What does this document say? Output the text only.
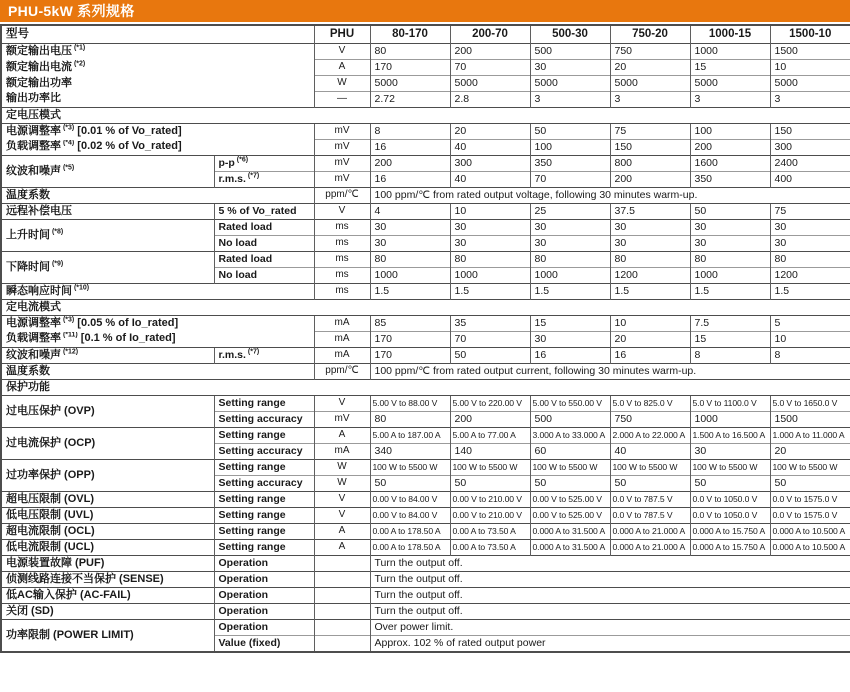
PHU-5kW 系列规格
型号		PHU	80-170	200-70	500-30	750-20	1000-15	1500-10
额定输出电压 $^{(*1)}$		V	80	200	500	750	1000	1500
额定输出电流 $^{(*2)}$		A	170	70	30	20	15	10
额定输出功率		W	5000	5000	5000	5000	5000	5000
输出功率比		—	2.72	2.8	3	3	3	3
定电压模式								
电源调整率 $^{(*3)}$ [0.01 % of Vo_rated]		mV	8	20	50	75	100	150
负载调整率 $^{(*4)}$ [0.02 % of Vo_rated]		mV	16	40	100	150	200	300
纹波和噪声 $^{(*5)}$	p-p $^{(*6)}$	mV	200	300	350	800	1600	2400
	r.m.s. $^{(*7)}$	mV	16	40	70	200	350	400
温度系数		ppm/℃	100 ppm/℃ from rated output voltage, following 30 minutes warm-up.					
远程补偿电压	5 % of Vo_rated	V	4	10	25	37.5	50	75
上升时间 $^{(*8)}$	Rated load	ms	30	30	30	30	30	30
	No load	ms	30	30	30	30	30	30
下降时间 $^{(*9)}$	Rated load	ms	80	80	80	80	80	80
	No load	ms	1000	1000	1000	1200	1000	1200
瞬态响应时间 $^{(*10)}$		ms	1.5	1.5	1.5	1.5	1.5	1.5
定电流模式								
电源调整率 $^{(*3)}$ [0.05 % of Io_rated]		mA	85	35	15	10	7.5	5
负载调整率 $^{(*11)}$ [0.1 % of Io_rated]		mA	170	70	30	20	15	10
纹波和噪声 $^{(*12)}$	r.m.s. $^{(*7)}$	mA	170	50	16	16	8	8
温度系数		ppm/℃	100 ppm/℃ from rated output current, following 30 minutes warm-up.					
保护功能								
过电压保护 (OVP)	Setting range	V	5.00 V to 88.00 V	5.00 V to 220.00 V	5.00 V to 550.00 V	5.0 V to 825.0 V	5.0 V to 1100.0 V	5.0 V to 1650.0 V
	Setting accuracy	mV	80	200	500	750	1000	1500
过电流保护 (OCP)	Setting range	A	5.00 A to 187.00 A	5.00 A to 77.00 A	3.000 A to 33.000 A	2.000 A to 22.000 A	1.500 A to 16.500 A	1.000 A to 11.000 A
	Setting accuracy	mA	340	140	60	40	30	20
过功率保护 (OPP)	Setting range	W	100 W to 5500 W	100 W to 5500 W	100 W to 5500 W	100 W to 5500 W	100 W to 5500 W	100 W to 5500 W
	Setting accuracy	W	50	50	50	50	50	50
超电压限制 (OVL)	Setting range	V	0.00 V to 84.00 V	0.00 V to 210.00 V	0.00 V to 525.00 V	0.0 V to 787.5 V	0.0 V to 1050.0 V	0.0 V to 1575.0 V
低电压限制 (UVL)	Setting range	V	0.00 V to 84.00 V	0.00 V to 210.00 V	0.00 V to 525.00 V	0.0 V to 787.5 V	0.0 V to 1050.0 V	0.0 V to 1575.0 V
超电流限制 (OCL)	Setting range	A	0.00 A to 178.50 A	0.00 A to 73.50 A	0.000 A to 31.500 A	0.000 A to 21.000 A	0.000 A to 15.750 A	0.000 A to 10.500 A
低电流限制 (UCL)	Setting range	A	0.00 A to 178.50 A	0.00 A to 73.50 A	0.000 A to 31.500 A	0.000 A to 21.000 A	0.000 A to 15.750 A	0.000 A to 10.500 A
电源装置故障 (PUF)	Operation		Turn the output off.					
侦测线路连接不当保护 (SENSE)	Operation		Turn the output off.					
低AC输入保护 (AC-FAIL)	Operation		Turn the output off.					
关闭 (SD)	Operation		Turn the output off.					
功率限制 (POWER LIMIT)	Operation		Over power limit.					
	Value (fixed)		Approx. 102 % of rated output power					
